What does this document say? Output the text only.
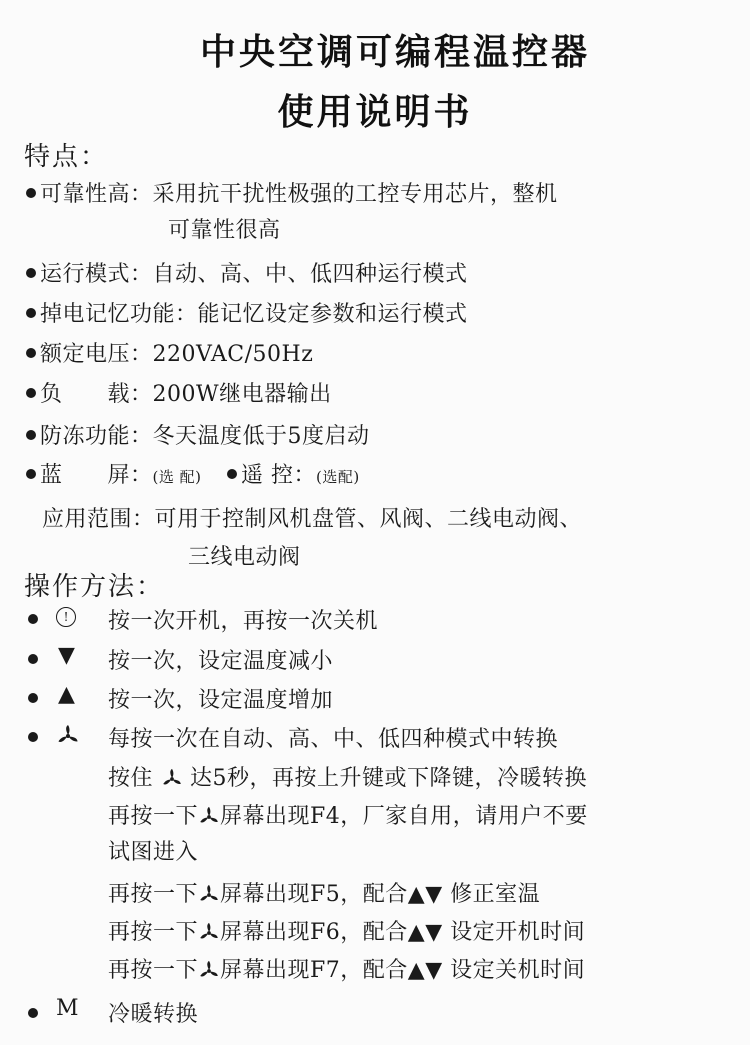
中央空调可编程温控器
使用说明书
特点：
可靠性高：采用抗干扰性极强的工控专用芯片，整机
可靠性很高
运行模式：自动、高、中、低四种运行模式
掉电记忆功能：能记忆设定参数和运行模式
额定电压：220VAC/50Hz
负　　载：200W继电器输出
防冻功能：冬天温度低于5度启动
蓝　　屏：(选 配) 遥 控：(选配)
应用范围：可用于控制风机盘管、风阀、二线电动阀、
三线电动阀
操作方法：
!	按一次开机，再按一次关机
▼ 按一次，设定温度减小
▲ 按一次，设定温度增加
每按一次在自动、高、中、低四种模式中转换
按住 达5秒，再按上升键或下降键，冷暖转换
再按一下 屏幕出现F4，厂家自用，请用户不要
试图进入
再按一下 屏幕出现F5，配合▲▼ 修正室温
再按一下 屏幕出现F6，配合▲▼ 设定开机时间
再按一下 屏幕出现F7，配合▲▼ 设定关机时间
M 冷暖转换
